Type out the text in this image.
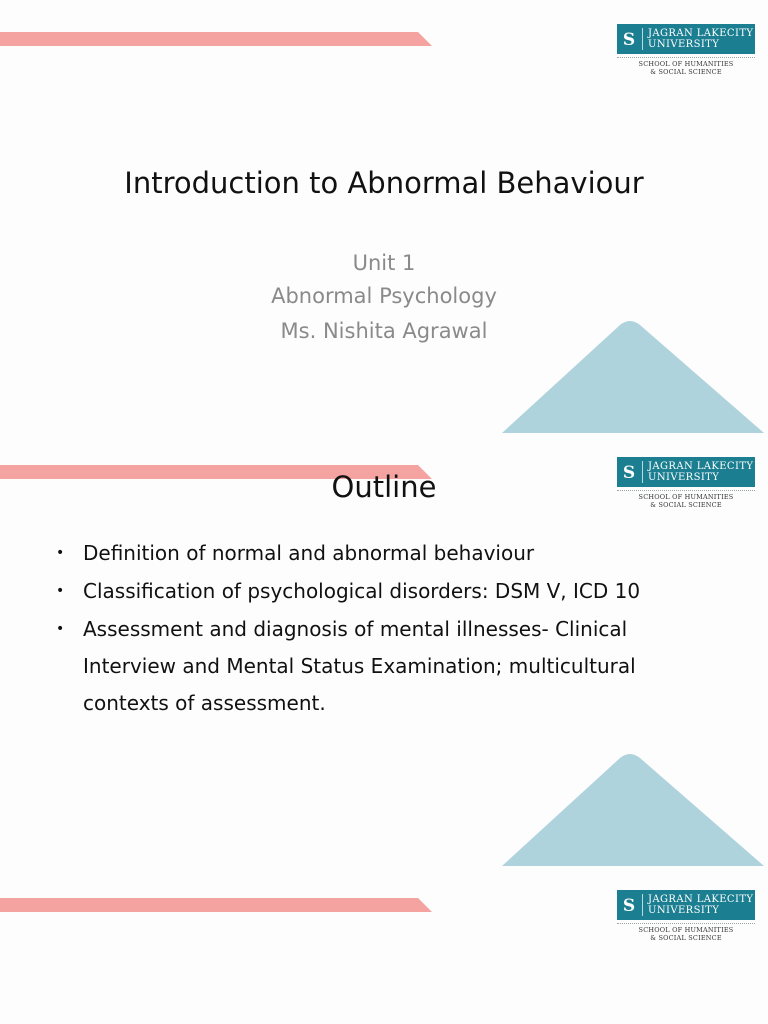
S JAGRAN LAKECITY
UNIVERSITY
SCHOOL OF HUMANITIES
& SOCIAL SCIENCE
Introduction to Abnormal Behaviour
Unit 1
Abnormal Psychology
Ms. Nishita Agrawal
S JAGRAN LAKECITY
UNIVERSITY
SCHOOL OF HUMANITIES
& SOCIAL SCIENCE
Outline
• Definition of normal and abnormal behaviour
• Classification of psychological disorders: DSM V, ICD 10
• Assessment and diagnosis of mental illnesses- Clinical
Interview and Mental Status Examination; multicultural
contexts of assessment.
S JAGRAN LAKECITY
UNIVERSITY
SCHOOL OF HUMANITIES
& SOCIAL SCIENCE
